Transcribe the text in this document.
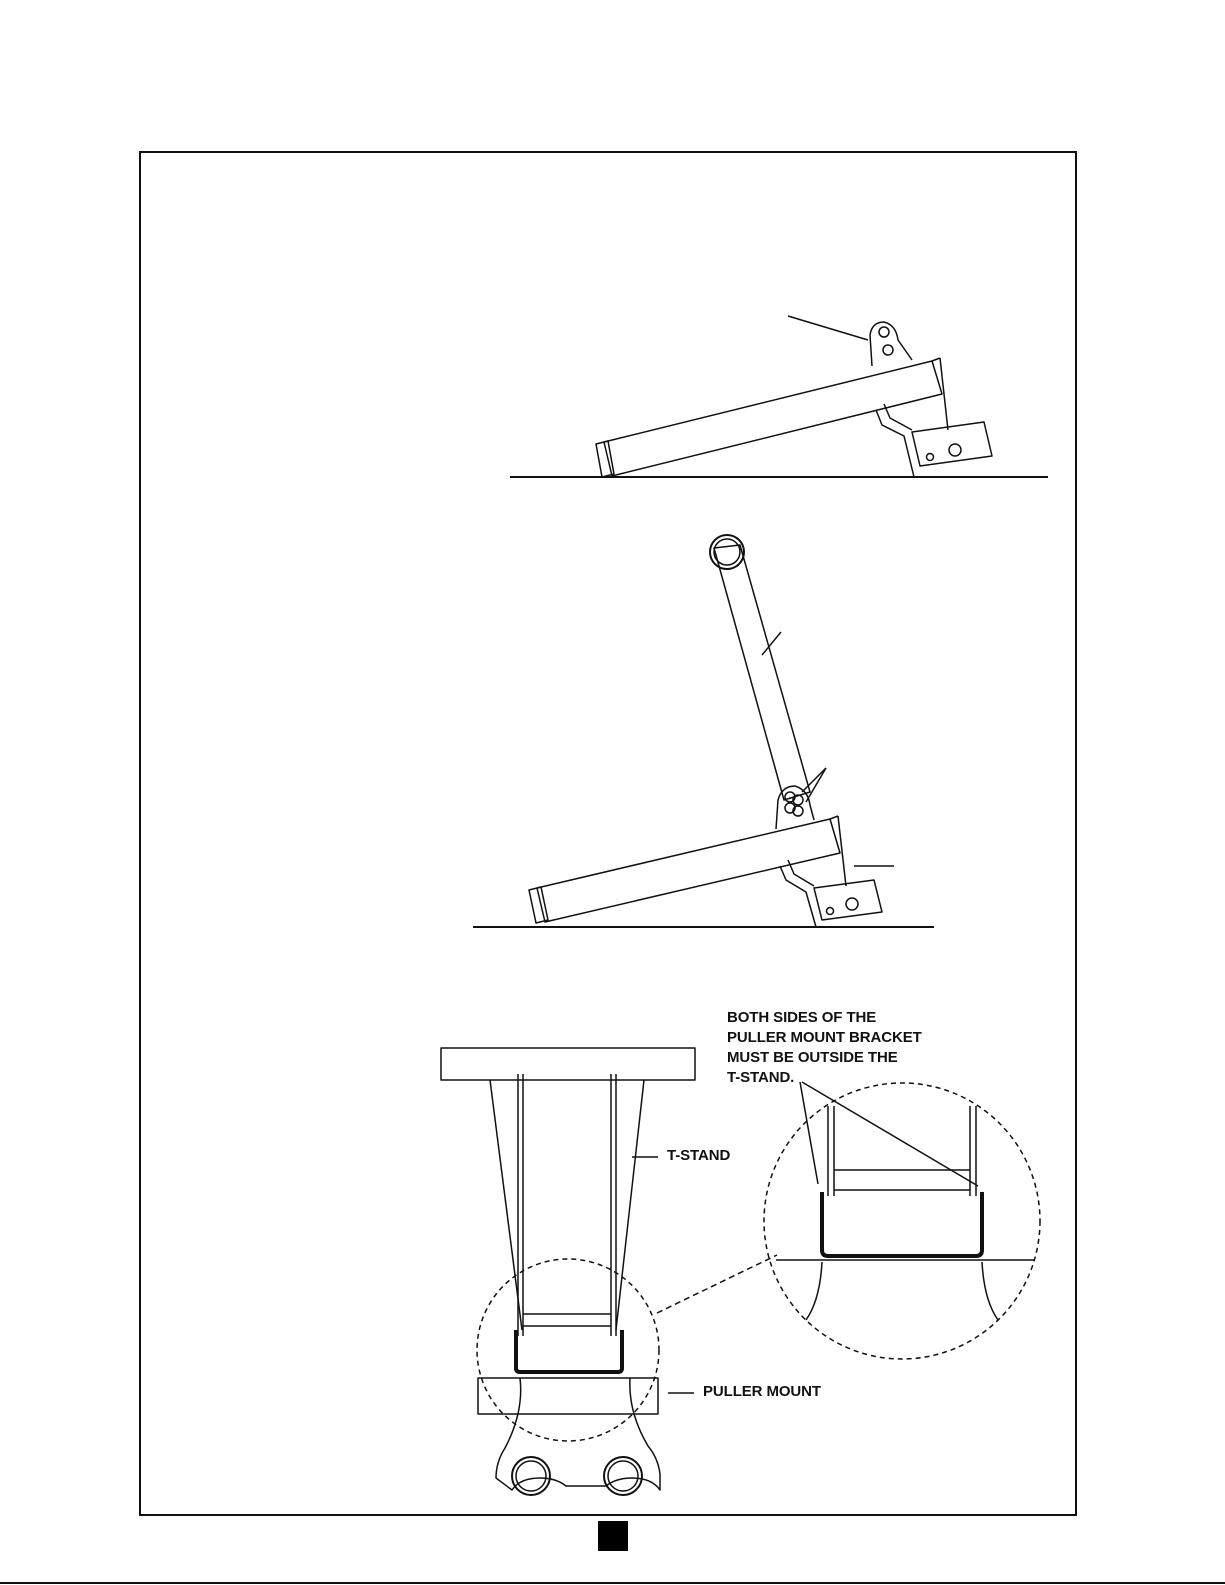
T-STAND
PULLER MOUNT
BOTH SIDES OF THE
PULLER MOUNT BRACKET
MUST BE OUTSIDE THE
T-STAND.
